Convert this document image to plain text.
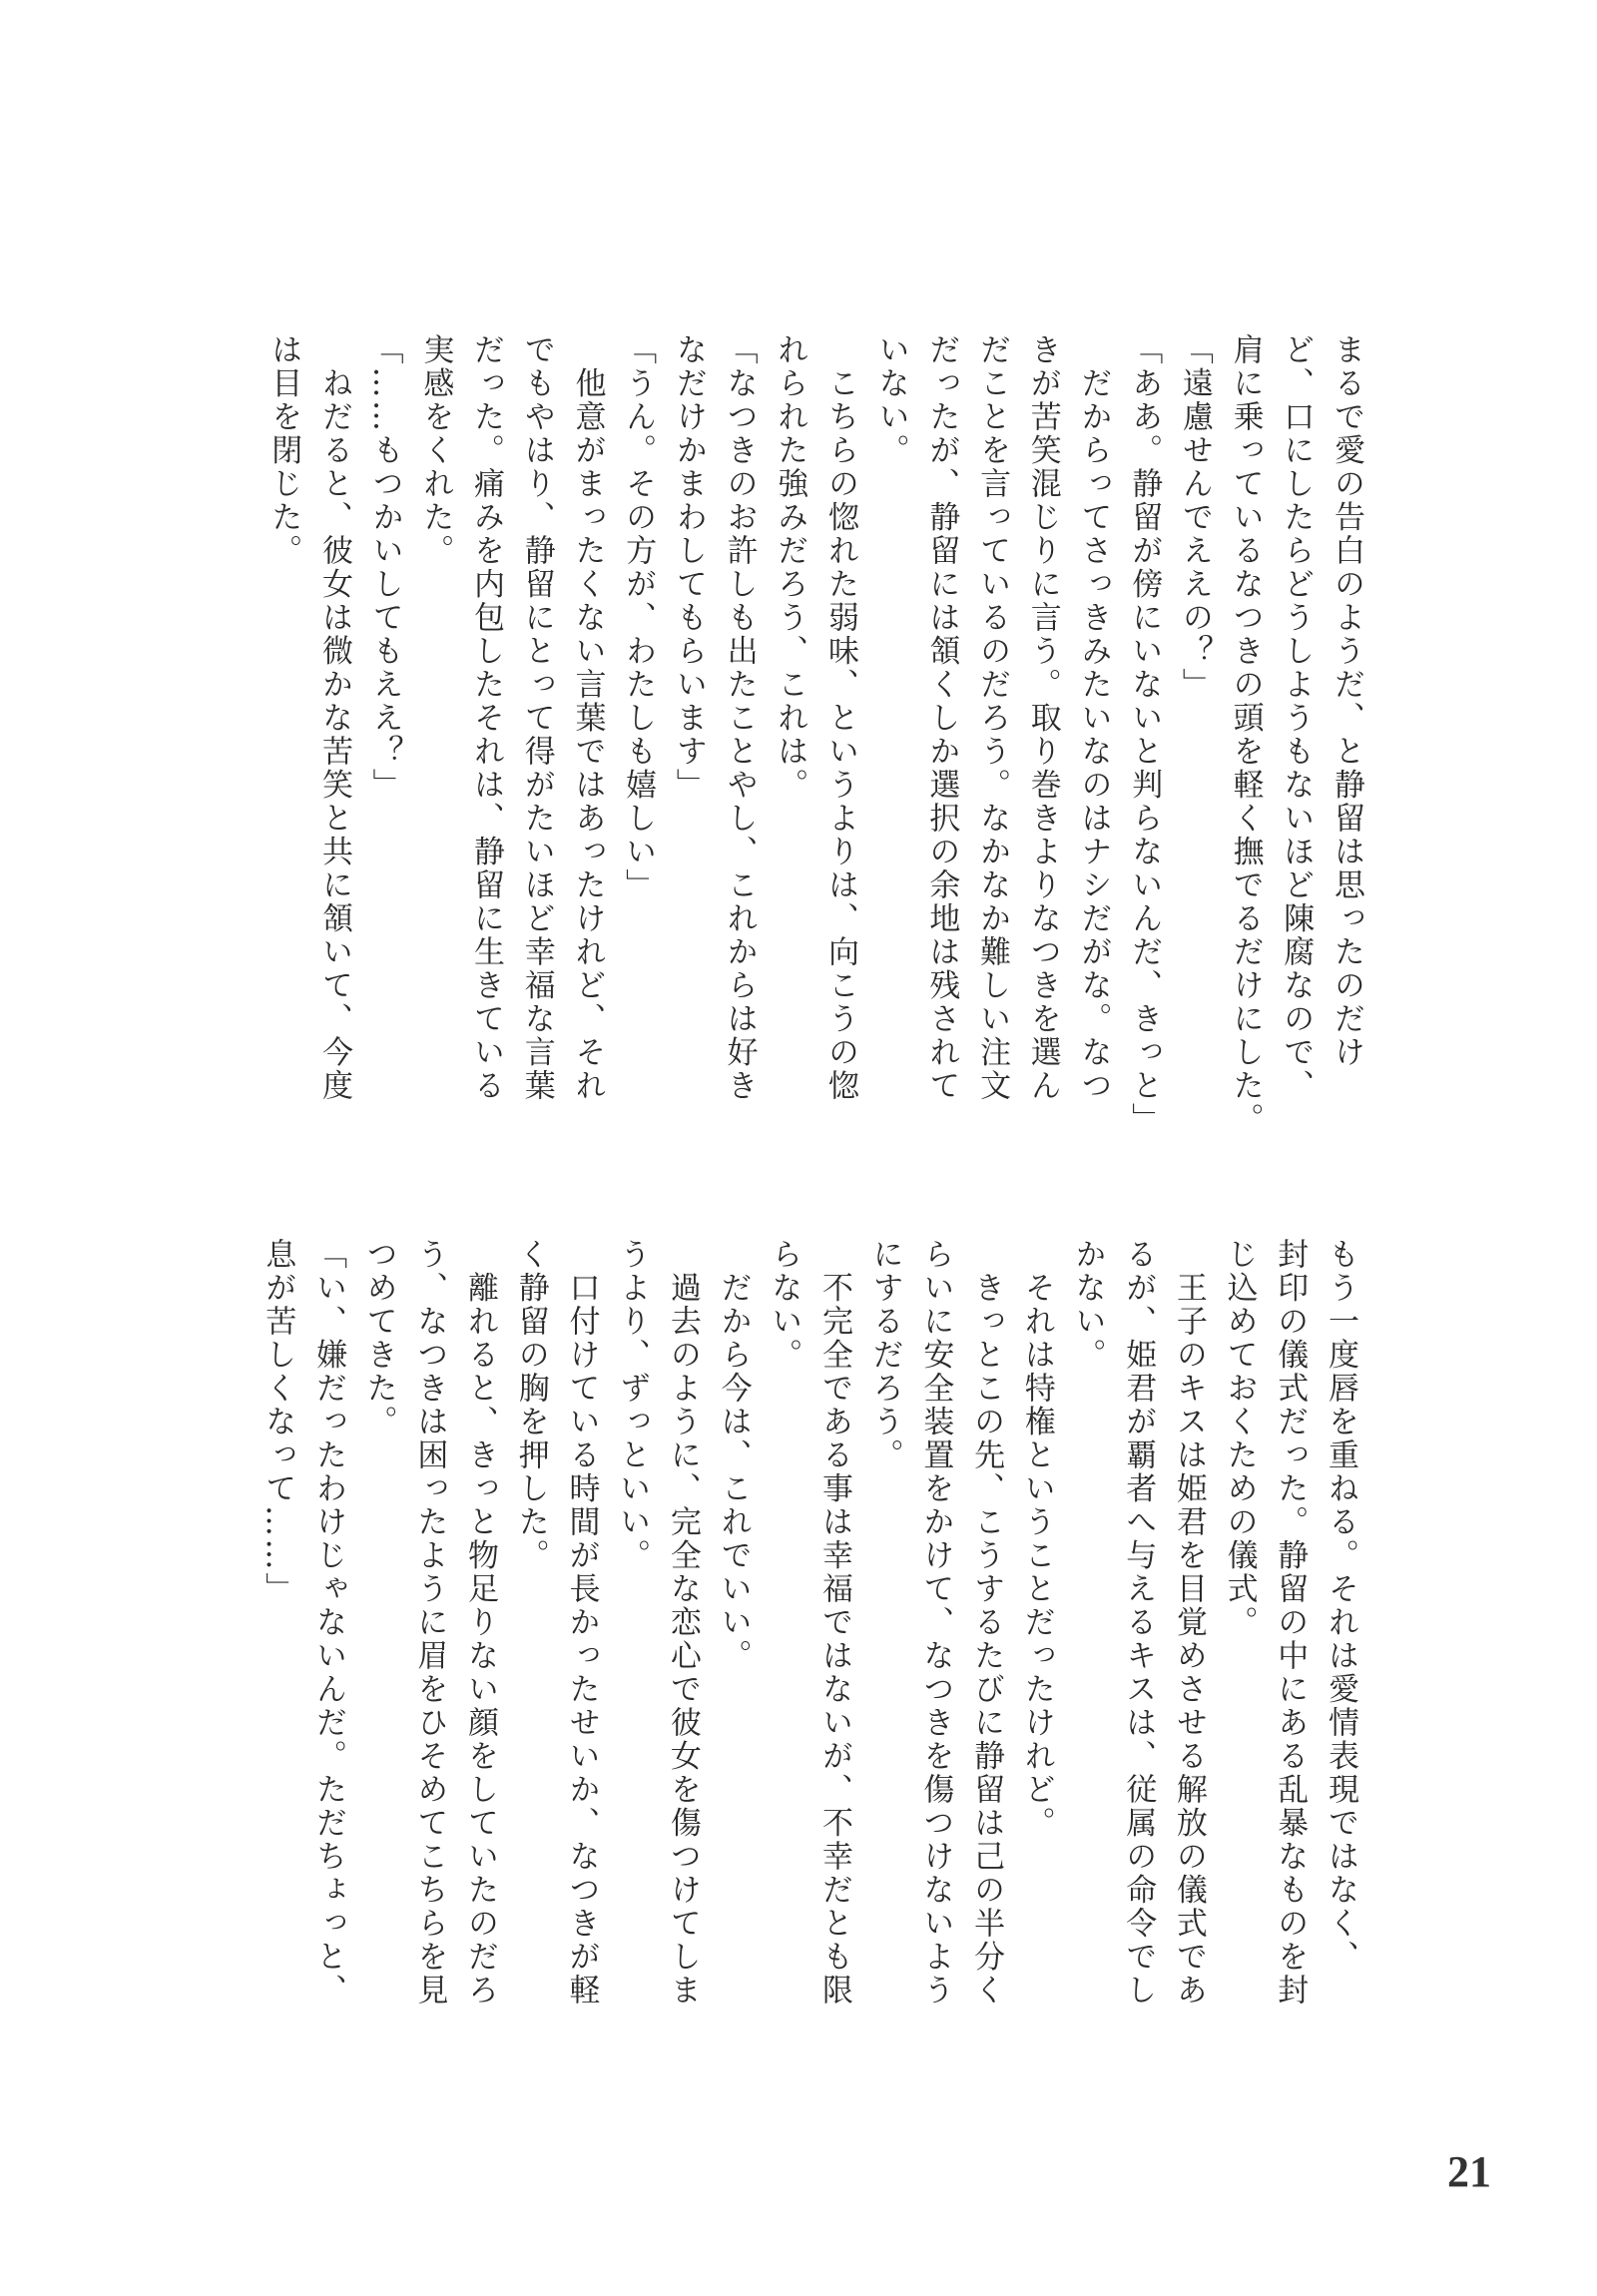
まるで愛の告白のようだ、と静留は思ったのだけ
ど、口にしたらどうしようもないほど陳腐なので、
肩に乗っているなつきの頭を軽く撫でるだけにした。
「遠慮せんでええの？」
「ああ。静留が傍にいないと判らないんだ、きっと」
　だからってさっきみたいなのはナシだがな。なつ
きが苦笑混じりに言う。取り巻きよりなつきを選ん
だことを言っているのだろう。なかなか難しい注文
だったが、静留には頷くしか選択の余地は残されて
いない。
　こちらの惚れた弱味、というよりは、向こうの惚
れられた強みだろう、これは。
「なつきのお許しも出たことやし、これからは好き
なだけかまわしてもらいます」
「うん。その方が、わたしも嬉しい」
　他意がまったくない言葉ではあったけれど、それ
でもやはり、静留にとって得がたいほど幸福な言葉
だった。痛みを内包したそれは、静留に生きている
実感をくれた。
「……もつかいしてもええ？」
　ねだると、彼女は微かな苦笑と共に頷いて、今度
は目を閉じた。
もう一度唇を重ねる。それは愛情表現ではなく、
封印の儀式だった。静留の中にある乱暴なものを封
じ込めておくための儀式。
　王子のキスは姫君を目覚めさせる解放の儀式であ
るが、姫君が覇者へ与えるキスは、従属の命令でし
かない。
　それは特権ということだったけれど。
　きっとこの先、こうするたびに静留は己の半分く
らいに安全装置をかけて、なつきを傷つけないよう
にするだろう。
　不完全である事は幸福ではないが、不幸だとも限
らない。
　だから今は、これでいい。
　過去のように、完全な恋心で彼女を傷つけてしま
うより、ずっといい。
　口付けている時間が長かったせいか、なつきが軽
く静留の胸を押した。
　離れると、きっと物足りない顔をしていたのだろ
う、なつきは困ったように眉をひそめてこちらを見
つめてきた。
「い、嫌だったわけじゃないんだ。ただちょっと、
息が苦しくなって……」
21
